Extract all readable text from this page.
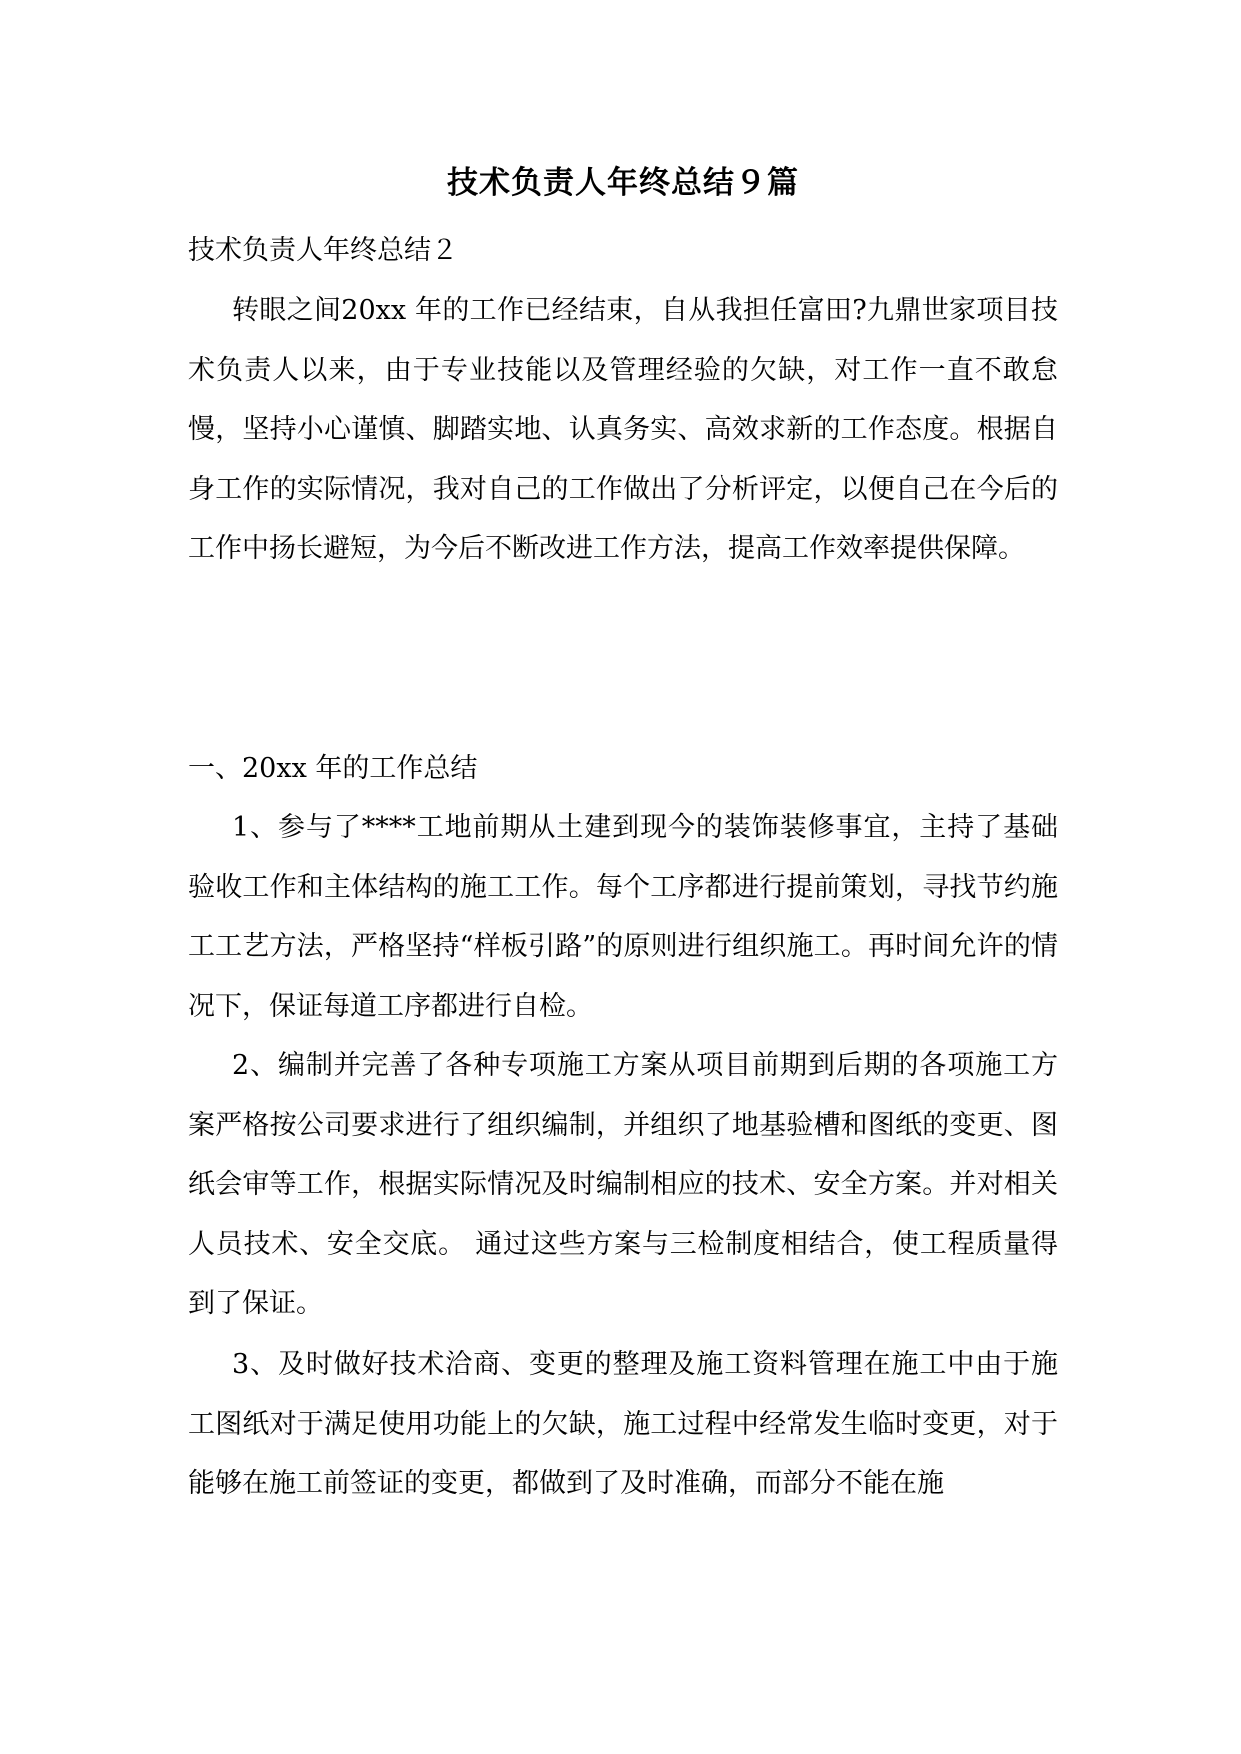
技术负责人年终总结９篇

技术负责人年终总结２

转眼之间20xx 年的工作已经结束，自从我担任富田?九鼎世家项目技术负责人以来，由于专业技能以及管理经验的欠缺，对工作一直不敢怠慢，坚持小心谨慎、脚踏实地、认真务实、高效求新的工作态度。根据自身工作的实际情况，我对自己的工作做出了分析评定，以便自己在今后的工作中扬长避短，为今后不断改进工作方法，提高工作效率提供保障。

一、20xx 年的工作总结

1、参与了****工地前期从土建到现今的装饰装修事宜，主持了基础验收工作和主体结构的施工工作。每个工序都进行提前策划，寻找节约施工工艺方法，严格坚持“样板引路”的原则进行组织施工。再时间允许的情况下，保证每道工序都进行自检。

2、编制并完善了各种专项施工方案从项目前期到后期的各项施工方案严格按公司要求进行了组织编制，并组织了地基验槽和图纸的变更、图纸会审等工作，根据实际情况及时编制相应的技术、安全方案。并对相关人员技术、安全交底。 通过这些方案与三检制度相结合，使工程质量得到了保证。

3、及时做好技术洽商、变更的整理及施工资料管理在施工中由于施工图纸对于满足使用功能上的欠缺，施工过程中经常发生临时变更，对于能够在施工前签证的变更，都做到了及时准确，而部分不能在施
